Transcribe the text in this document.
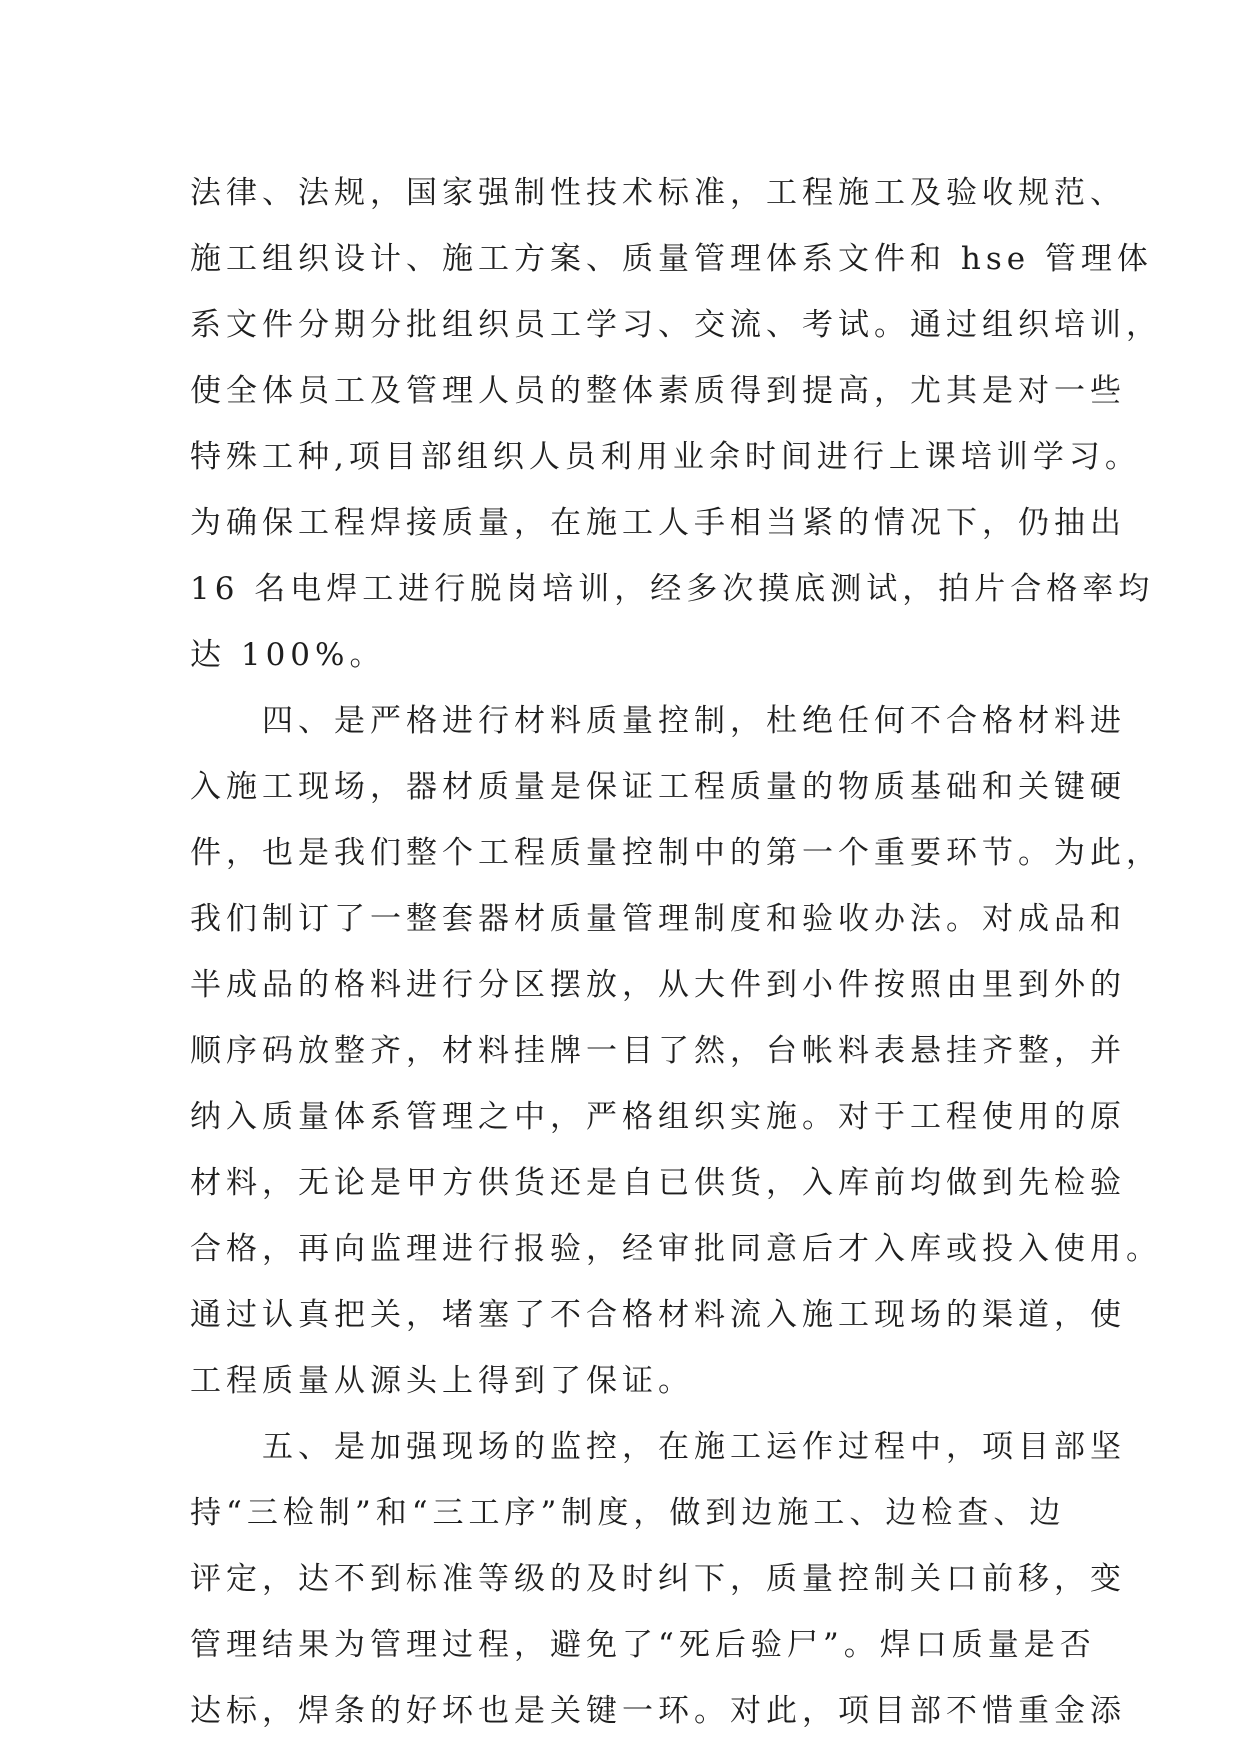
法律、法规，国家强制性技术标准，工程施工及验收规范、
施工组织设计、施工方案、质量管理体系文件和 hse 管理体
系文件分期分批组织员工学习、交流、考试。通过组织培训，
使全体员工及管理人员的整体素质得到提高，尤其是对一些
特殊工种,项目部组织人员利用业余时间进行上课培训学习。
为确保工程焊接质量，在施工人手相当紧的情况下，仍抽出
16 名电焊工进行脱岗培训，经多次摸底测试，拍片合格率均
达 100%。
　　四、是严格进行材料质量控制，杜绝任何不合格材料进
入施工现场，器材质量是保证工程质量的物质基础和关键硬
件，也是我们整个工程质量控制中的第一个重要环节。为此，
我们制订了一整套器材质量管理制度和验收办法。对成品和
半成品的格料进行分区摆放，从大件到小件按照由里到外的
顺序码放整齐，材料挂牌一目了然，台帐料表悬挂齐整，并
纳入质量体系管理之中，严格组织实施。对于工程使用的原
材料，无论是甲方供货还是自已供货，入库前均做到先检验
合格，再向监理进行报验，经审批同意后才入库或投入使用。
通过认真把关，堵塞了不合格材料流入施工现场的渠道，使
工程质量从源头上得到了保证。
　　五、是加强现场的监控，在施工运作过程中，项目部坚
持“三检制”和“三工序”制度，做到边施工、边检查、边
评定，达不到标准等级的及时纠下，质量控制关口前移，变
管理结果为管理过程，避免了“死后验尸”。焊口质量是否
达标，焊条的好坏也是关键一环。对此，项目部不惜重金添
